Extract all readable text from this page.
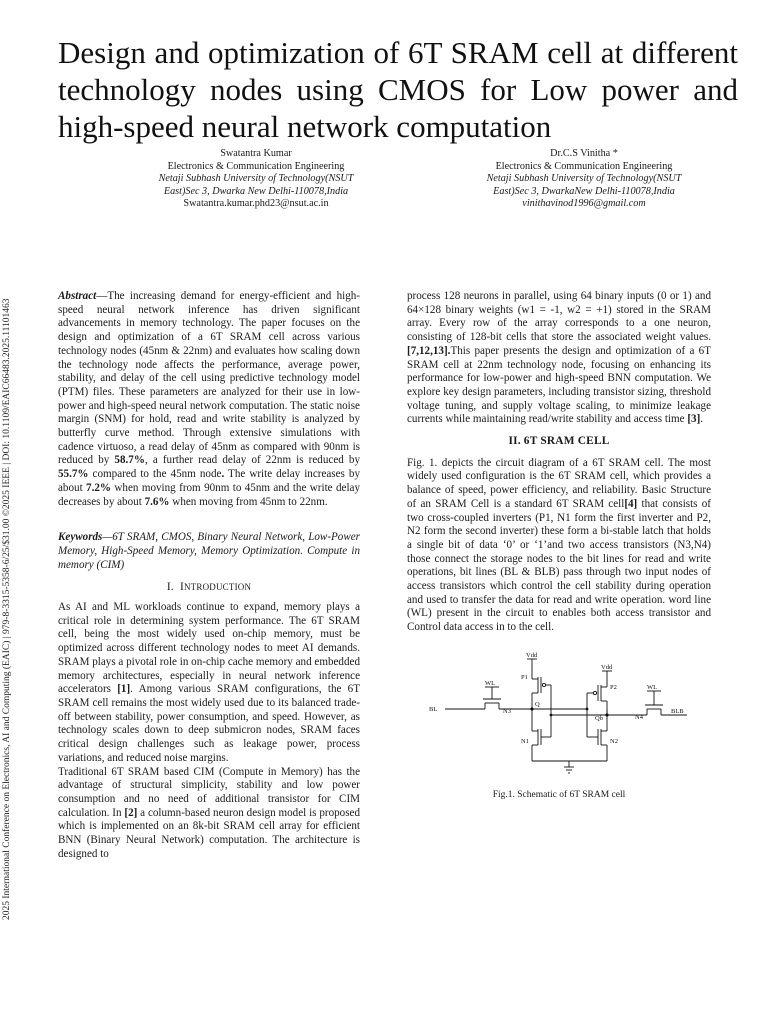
2025 International Conference on Electronics, AI and Computing (EAIC) | 979-8-3315-5358-6/25/$31.00 ©2025 IEEE | DOI: 10.1109/EAIC66483.2025.11101463
Design and optimization of 6T SRAM cell at different technology nodes using CMOS for Low power and high-speed neural network computation
Swatantra Kumar
Electronics & Communication Engineering
Netaji Subhash University of Technology(NSUT
East)Sec 3, Dwarka New Delhi-110078,India
Swatantra.kumar.phd23@nsut.ac.in
Dr.C.S Vinitha *
Electronics & Communication Engineering
Netaji Subhash University of Technology(NSUT
East)Sec 3, DwarkaNew Delhi-110078,India
vinithavinod1996@gmail.com

Abstract—The increasing demand for energy-efficient and high-speed neural network inference has driven significant advancements in memory technology. The paper focuses on the design and optimization of a 6T SRAM cell across various technology nodes (45nm & 22nm) and evaluates how scaling down the technology node affects the performance, average power, stability, and delay of the cell using predictive technology model (PTM) files. These parameters are analyzed for their use in low-power and high-speed neural network computation. The static noise margin (SNM) for hold, read and write stability is analyzed by butterfly curve method. Through extensive simulations with cadence virtuoso, a read delay of 45nm as compared with 90nm is reduced by 58.7%, a further read delay of 22nm is reduced by 55.7% compared to the 45nm node. The write delay increases by about 7.2% when moving from 90nm to 45nm and the write delay decreases by about 7.6% when moving from 45nm to 22nm.

Keywords—6T SRAM, CMOS, Binary Neural Network, Low-Power Memory, High-Speed Memory, Memory Optimization. Compute in memory (CIM)

I. INTRODUCTION

As AI and ML workloads continue to expand, memory plays a critical role in determining system performance. The 6T SRAM cell, being the most widely used on-chip memory, must be optimized across different technology nodes to meet AI demands. SRAM plays a pivotal role in on-chip cache memory and embedded memory architectures, especially in neural network inference accelerators [1]. Among various SRAM configurations, the 6T SRAM cell remains the most widely used due to its balanced trade-off between stability, power consumption, and speed. However, as technology scales down to deep submicron nodes, SRAM faces critical design challenges such as leakage power, process variations, and reduced noise margins.

Traditional 6T SRAM based CIM (Compute in Memory) has the advantage of structural simplicity, stability and low power consumption and no need of additional transistor for CIM calculation. In [2] a column-based neuron design model is proposed which is implemented on an 8k-bit SRAM cell array for efficient BNN (Binary Neural Network) computation. The architecture is designed to

process 128 neurons in parallel, using 64 binary inputs (0 or 1) and 64×128 binary weights (w1 = -1, w2 = +1) stored in the SRAM array. Every row of the array corresponds to a one neuron, consisting of 128-bit cells that store the associated weight values. [7,12,13].This paper presents the design and optimization of a 6T SRAM cell at 22nm technology node, focusing on enhancing its performance for low-power and high-speed BNN computation. We explore key design parameters, including transistor sizing, threshold voltage tuning, and supply voltage scaling, to minimize leakage currents while maintaining read/write stability and access time [3].

II. 6T SRAM CELL

Fig. 1. depicts the circuit diagram of a 6T SRAM cell. The most widely used configuration is the 6T SRAM cell, which provides a balance of speed, power efficiency, and reliability. Basic Structure of an SRAM Cell is a standard 6T SRAM cell[4] that consists of two cross-coupled inverters (P1, N1 form the first inverter and P2, N2 form the second inverter) these form a bi-stable latch that holds a single bit of data ‘0’ or ‘1’and two access transistors (N3,N4) those connect the storage nodes to the bit lines for read and write operations, bit lines (BL & BLB) pass through two input nodes of access transistors which control the cell stability during operation and used to transfer the data for read and write operation. word line (WL) present in the circuit to enables both access transistor and Control data access in to the cell.

Vdd
Vdd
WL
WL
BL	BLB
P1
P2
N1	N2
N3
N4
Q
Qb
Fig.1. Schematic of 6T SRAM cell
